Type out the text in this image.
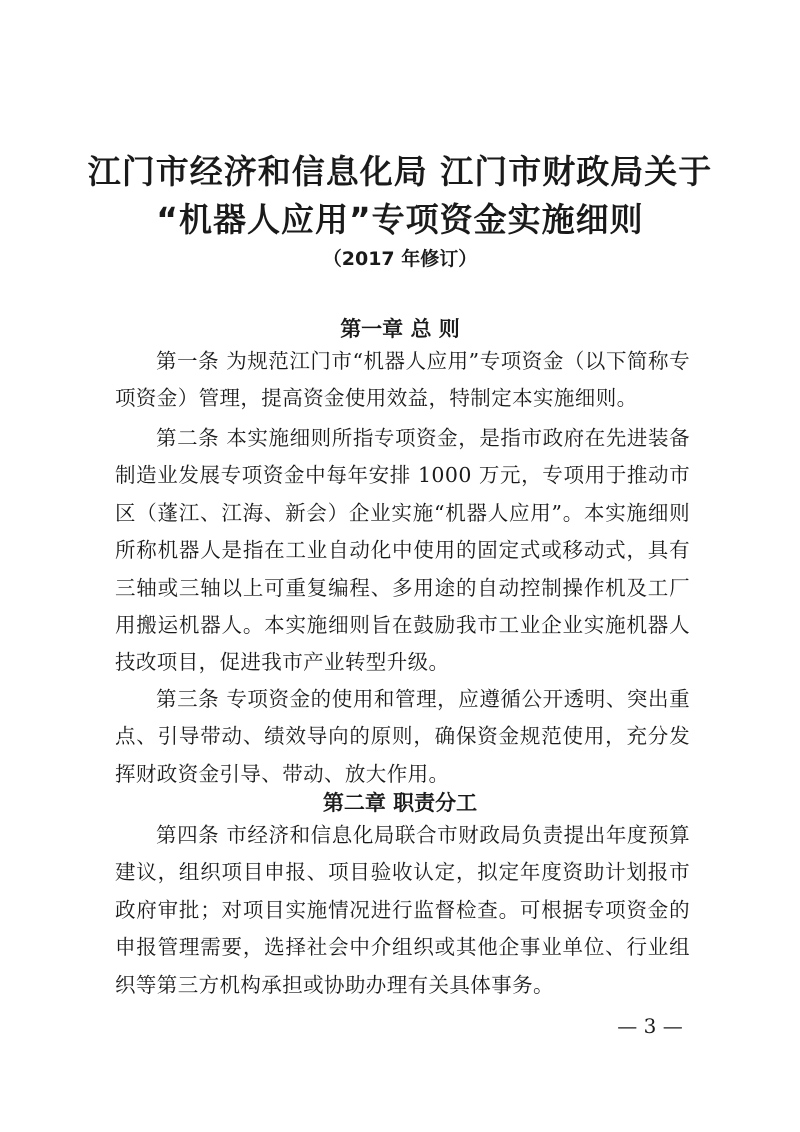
江门市经济和信息化局 江门市财政局关于
“机器人应用”专项资金实施细则
（2017 年修订）
第一章 总 则

第一条 为规范江门市“机器人应用”专项资金（以下简称专项资金）管理，提高资金使用效益，特制定本实施细则。

第二条 本实施细则所指专项资金，是指市政府在先进装备制造业发展专项资金中每年安排 1000 万元，专项用于推动市区（蓬江、江海、新会）企业实施“机器人应用”。本实施细则所称机器人是指在工业自动化中使用的固定式或移动式，具有三轴或三轴以上可重复编程、多用途的自动控制操作机及工厂用搬运机器人。本实施细则旨在鼓励我市工业企业实施机器人技改项目，促进我市产业转型升级。

第三条 专项资金的使用和管理，应遵循公开透明、突出重点、引导带动、绩效导向的原则，确保资金规范使用，充分发挥财政资金引导、带动、放大作用。

第二章 职责分工

第四条 市经济和信息化局联合市财政局负责提出年度预算建议，组织项目申报、项目验收认定，拟定年度资助计划报市政府审批；对项目实施情况进行监督检查。可根据专项资金的申报管理需要，选择社会中介组织或其他企事业单位、行业组织等第三方机构承担或协助办理有关具体事务。

— 3 —
